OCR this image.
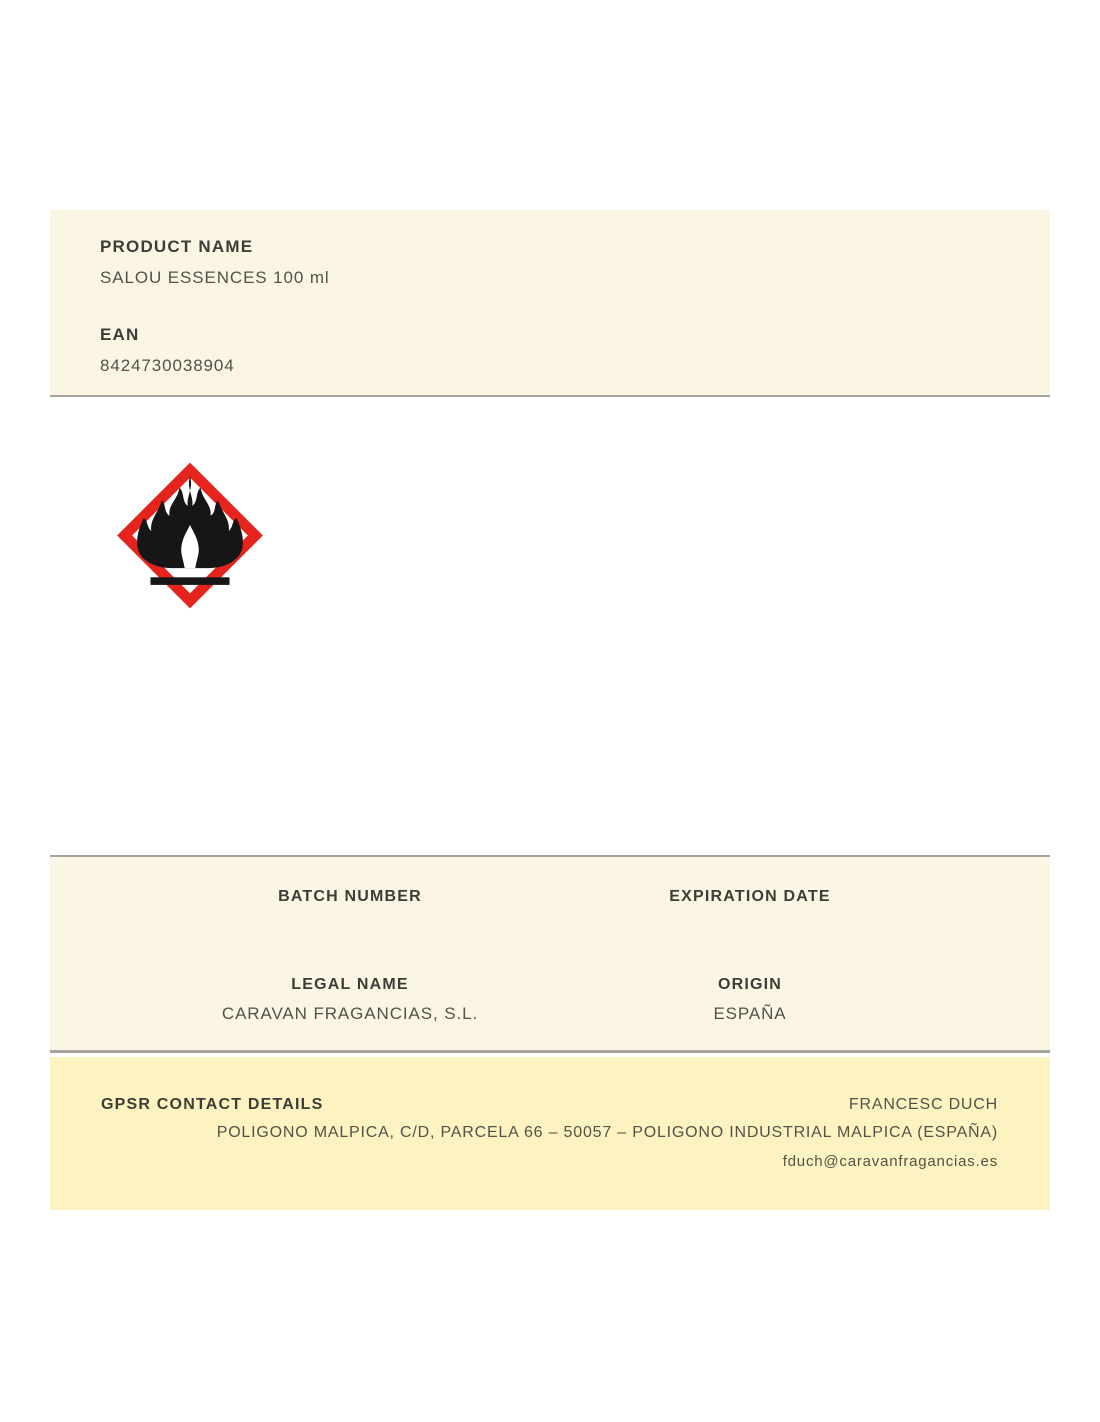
PRODUCT NAME
SALOU ESSENCES 100 ml
EAN
8424730038904
BATCH NUMBER	EXPIRATION DATE
LEGAL NAME
CARAVAN FRAGANCIAS, S.L.
ORIGIN
ESPAÑA
GPSR CONTACT DETAILS	FRANCESC DUCH
POLIGONO MALPICA, C/D, PARCELA 66 – 50057 – POLIGONO INDUSTRIAL MALPICA (ESPAÑA)
fduch@caravanfragancias.es
